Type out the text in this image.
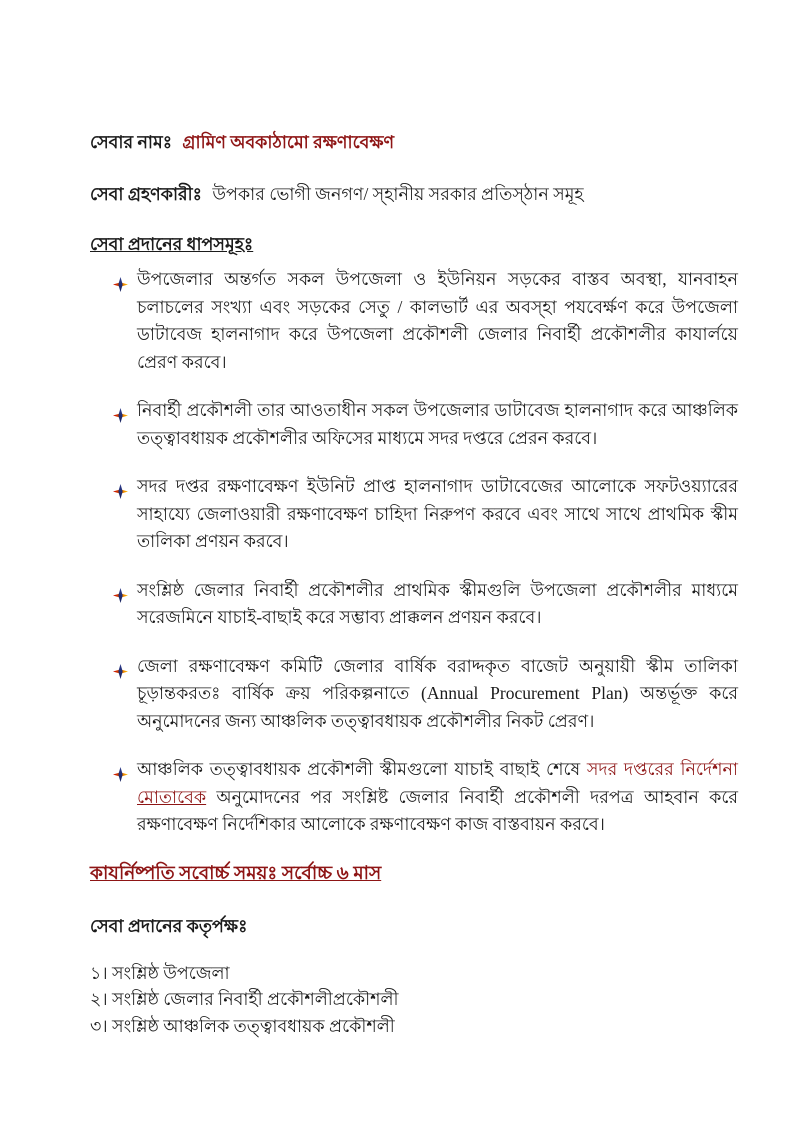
সেবার নামঃ গ্রামিণ অবকাঠামো রক্ষণাবেক্ষণ

সেবা গ্রহণকারীঃ উপকার ভোগী জনগণ/ স্হানীয় সরকার প্রতিস্ঠান সমূহ

সেবা প্রদানের ধাপসমূহঃ

উপজেলার অন্তর্গত সকল উপজেলা ও ইউনিয়ন সড়কের বাস্তব অবস্থা, যানবাহন চলাচলের সংখ্যা এবং সড়কের সেতু / কালভার্ট এর অবস্হা পযবের্ক্ষণ করে উপজেলা ডাটাবেজ হালনাগাদ করে উপজেলা প্রকৌশলী জেলার নিবার্হী প্রকৌশলীর কাযার্লয়ে প্রেরণ করবে।
নিবার্হী প্রকৌশলী তার আওতাধীন সকল উপজেলার ডাটাবেজ হালনাগাদ করে আঞ্চলিক তত্ত্বাবধায়ক প্রকৌশলীর অফিসের মাধ্যমে সদর দপ্তরে প্রেরন করবে।
সদর দপ্তর রক্ষণাবেক্ষণ ইউনিট প্রাপ্ত হালনাগাদ ডাটাবেজের আলোকে সফটওয়্যারের সাহায্যে জেলাওয়ারী রক্ষণাবেক্ষণ চাহিদা নিরুপণ করবে এবং সাথে সাথে প্রাথমিক স্কীম তালিকা প্রণয়ন করবে।
সংশ্লিষ্ঠ জেলার নিবার্হী প্রকৌশলীর প্রাথমিক স্কীমগুলি উপজেলা প্রকৌশলীর মাধ্যমে সরেজমিনে যাচাই-বাছাই করে সম্ভাব্য প্রাক্কলন প্রণয়ন করবে।
জেলা রক্ষণাবেক্ষণ কমিটি জেলার বার্ষিক বরাদ্দকৃত বাজেট অনুয়ায়ী স্কীম তালিকা চূড়ান্তকরতঃ বার্ষিক ক্রয় পরিকল্পনাতে (Annual Procurement Plan) অন্তর্ভূক্ত করে অনুমোদনের জন্য আঞ্চলিক তত্ত্বাবধায়ক প্রকৌশলীর নিকট প্রেরণ।
আঞ্চলিক তত্ত্বাবধায়ক প্রকৌশলী স্কীমগুলো যাচাই বাছাই শেষে সদর দপ্তরের নির্দেশনা মোতাবেক অনুমোদনের পর সংশ্লিষ্ট জেলার নিবার্হী প্রকৌশলী দরপত্র আহবান করে রক্ষণাবেক্ষণ নির্দেশিকার আলোকে রক্ষণাবেক্ষণ কাজ বাস্তবায়ন করবে।

কাযর্নিষ্পতি সবোর্চ্চ সময়ঃ সর্বোচ্চ ৬ মাস

সেবা প্রদানের কতৃর্পক্ষঃ

১। সংশ্লিষ্ঠ উপজেলা

২। সংশ্লিষ্ঠ জেলার নিবার্হী প্রকৌশলীপ্রকৌশলী

৩। সংশ্লিষ্ঠ আঞ্চলিক তত্ত্বাবধায়ক প্রকৌশলী
